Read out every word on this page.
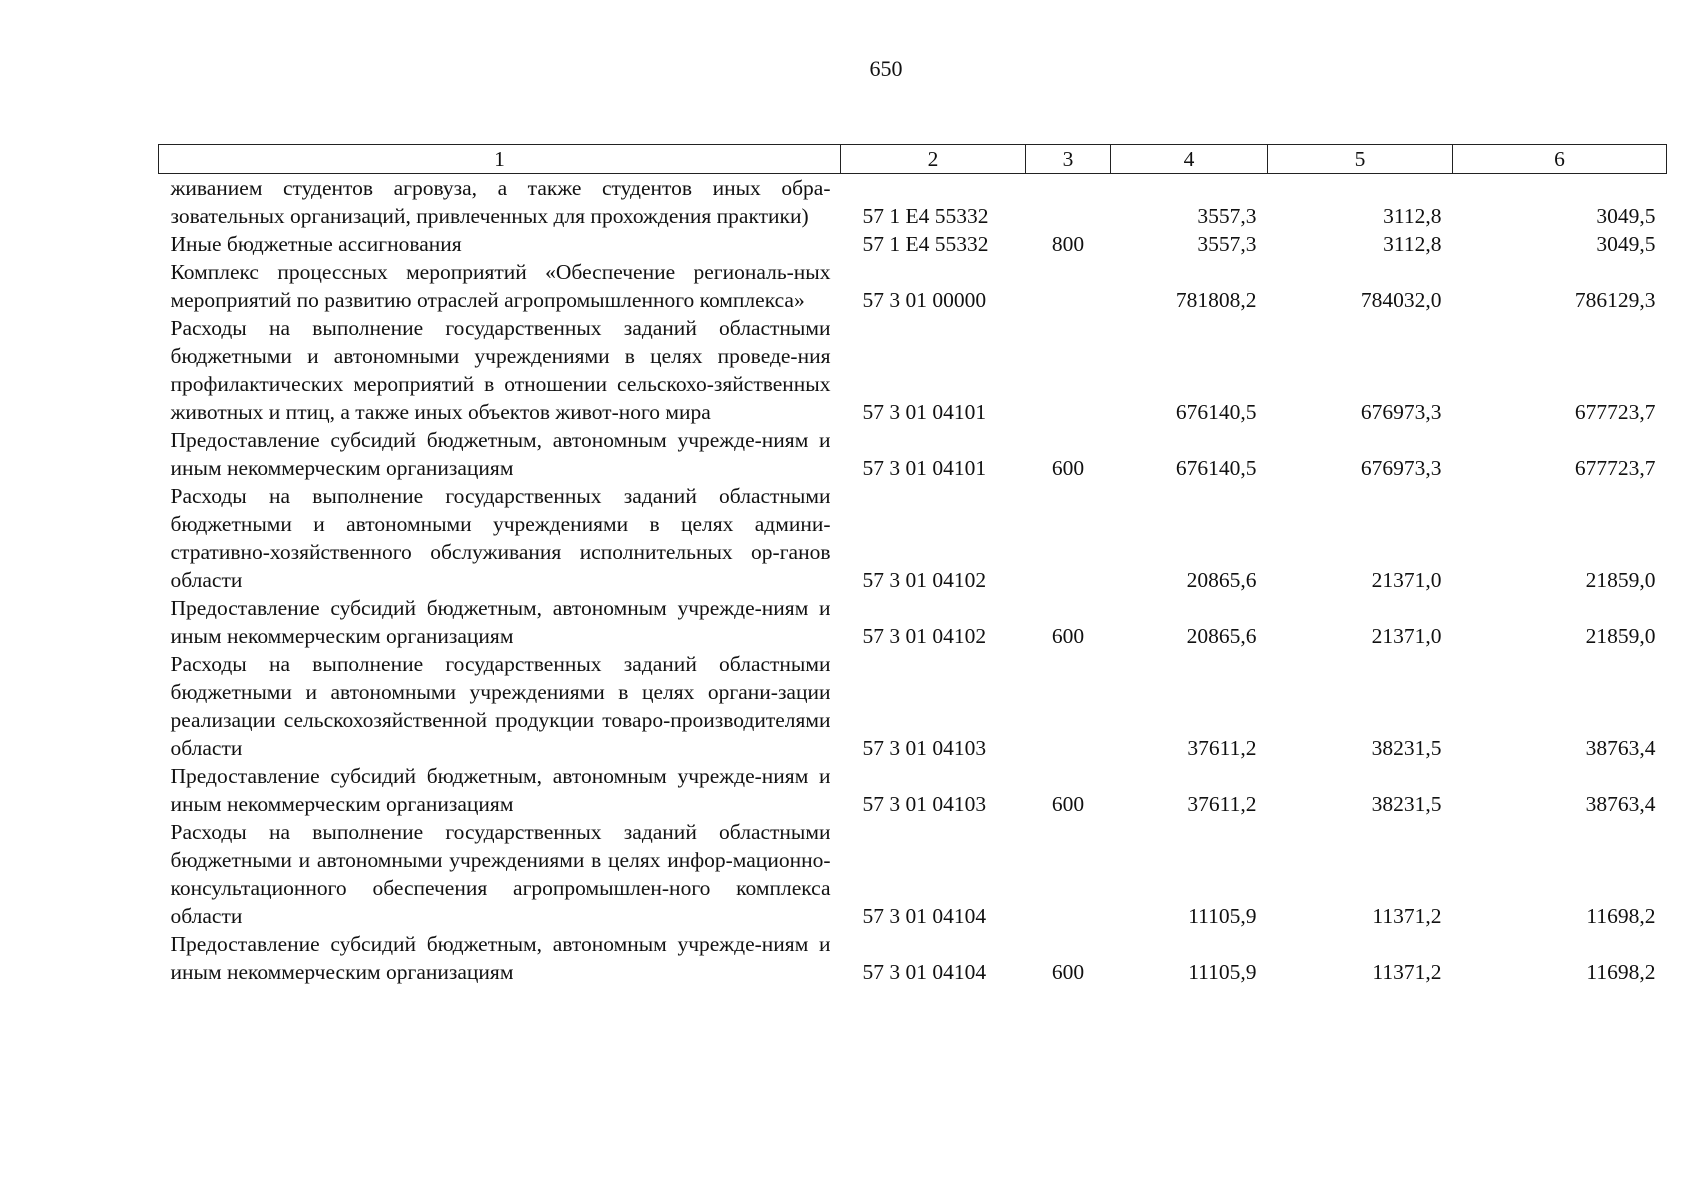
650
1	2	3	4	5	6
живанием студентов агровуза, а также студентов иных обра-зовательных организаций, привлеченных для прохождения практики)	57 1 E4 55332		3557,3	3112,8	3049,5
Иные бюджетные ассигнования	57 1 E4 55332	800	3557,3	3112,8	3049,5
Комплекс процессных мероприятий «Обеспечение региональ-ных мероприятий по развитию отраслей агропромышленного комплекса»	57 3 01 00000		781808,2	784032,0	786129,3
Расходы на выполнение государственных заданий областными бюджетными и автономными учреждениями в целях проведе-ния профилактических мероприятий в отношении сельскохо-зяйственных животных и птиц, а также иных объектов живот-ного мира	57 3 01 04101		676140,5	676973,3	677723,7
Предоставление субсидий бюджетным, автономным учрежде-ниям и иным некоммерческим организациям	57 3 01 04101	600	676140,5	676973,3	677723,7
Расходы на выполнение государственных заданий областными бюджетными и автономными учреждениями в целях админи-стративно-хозяйственного обслуживания исполнительных ор-ганов области	57 3 01 04102		20865,6	21371,0	21859,0
Предоставление субсидий бюджетным, автономным учрежде-ниям и иным некоммерческим организациям	57 3 01 04102	600	20865,6	21371,0	21859,0
Расходы на выполнение государственных заданий областными бюджетными и автономными учреждениями в целях органи-зации реализации сельскохозяйственной продукции товаро-производителями области	57 3 01 04103		37611,2	38231,5	38763,4
Предоставление субсидий бюджетным, автономным учрежде-ниям и иным некоммерческим организациям	57 3 01 04103	600	37611,2	38231,5	38763,4
Расходы на выполнение государственных заданий областными бюджетными и автономными учреждениями в целях инфор-мационно-консультационного обеспечения агропромышлен-ного комплекса области	57 3 01 04104		11105,9	11371,2	11698,2
Предоставление субсидий бюджетным, автономным учрежде-ниям и иным некоммерческим организациям	57 3 01 04104	600	11105,9	11371,2	11698,2
